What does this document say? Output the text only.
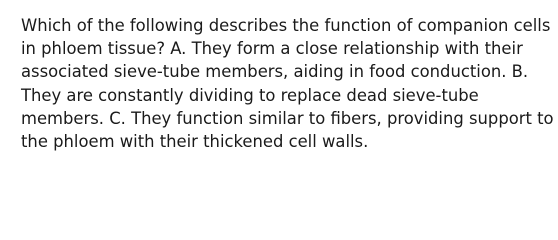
Which of the following describes the function of companion cells
in phloem tissue? A. They form a close relationship with their
associated sieve-tube members, aiding in food conduction. B.
They are constantly dividing to replace dead sieve-tube
members. C. They function similar to fibers, providing support to
the phloem with their thickened cell walls.
